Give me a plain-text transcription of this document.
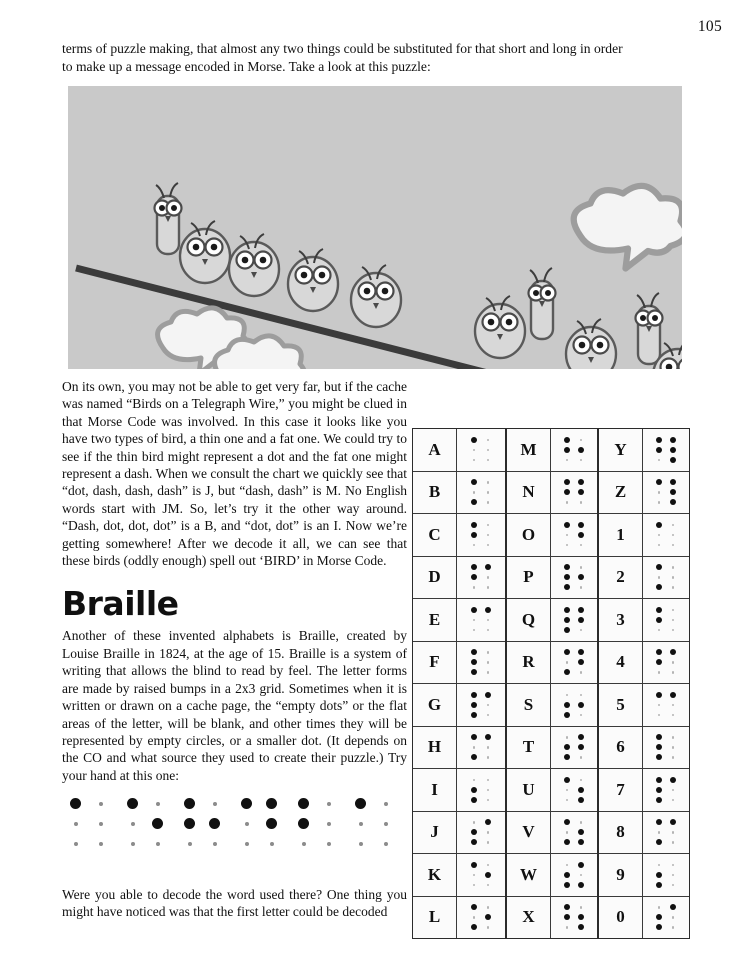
105
terms of puzzle making, that almost any two things could be substituted for that short and long in order to make up a message encoded in Morse. Take a look at this puzzle:

On its own, you may not be able to get very far, but if the cache was named “Birds on a Telegraph Wire,” you might be clued in that Morse Code was involved. In this case it looks like you have two types of bird, a thin one and a fat one. We could try to see if the thin bird might represent a dot and the fat one might represent a dash. When we consult the chart we quickly see that “dot, dash, dash, dash” is J, but “dash, dash” is M. No English words start with JM. So, let’s try it the other way around. “Dash, dot, dot, dot” is a B, and “dot, dot” is an I. Now we’re getting somewhere! After we decode it all, we can see that these birds (oddly enough) spell out ‘BIRD’ in Morse Code.

Braille

Another of these invented alphabets is Braille, created by Louise Braille in 1824, at the age of 15. Braille is a system of writing that allows the blind to read by feel. The letter forms are made by raised bumps in a 2x3 grid. Sometimes when it is written or drawn on a cache page, the “empty dots” or the flat areas of the letter, will be blank, and other times they will be represented by empty circles, or a smaller dot. (It depends on the CO and what source they used to create their puzzle.) Try your hand at this one:

Were you able to decode the word used there? One thing you might have noticed was that the first letter could be decoded
A
B
C
D
E
F
G
H
I
J
K
L
M
N
O
P
Q
R
S
T
U
V
W
X
Y
Z
1
2
3
4
5
6
7
8
9
0
